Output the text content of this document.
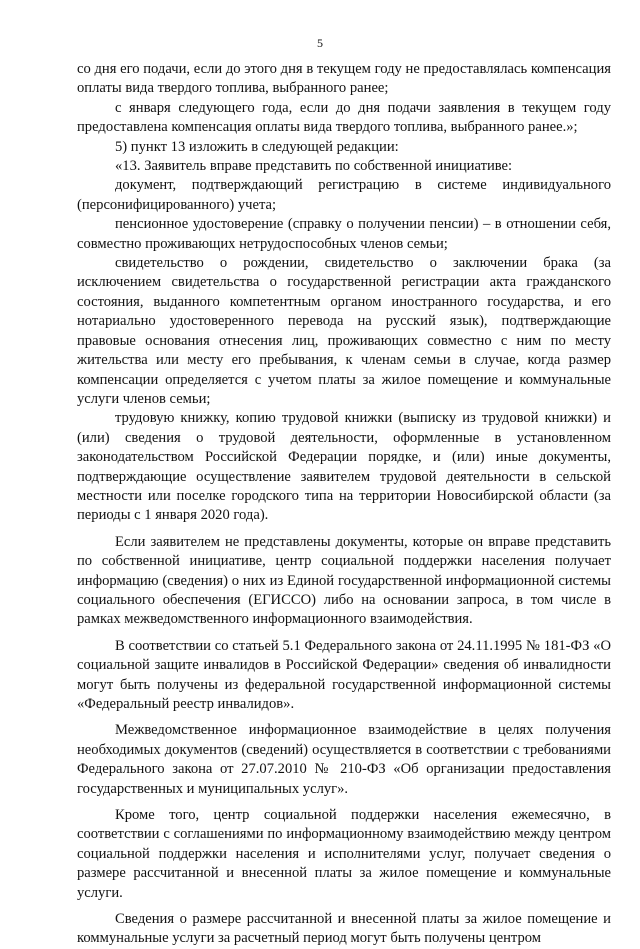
5

со дня его подачи, если до этого дня в текущем году не предоставлялась компенсация оплаты вида твердого топлива, выбранного ранее;

с января следующего года, если до дня подачи заявления в текущем году предоставлена компенсация оплаты вида твердого топлива, выбранного ранее.»;

5) пункт 13 изложить в следующей редакции:

«13. Заявитель вправе представить по собственной инициативе:

документ, подтверждающий регистрацию в системе индивидуального (персонифицированного) учета;

пенсионное удостоверение (справку о получении пенсии) – в отношении себя, совместно проживающих нетрудоспособных членов семьи;

свидетельство о рождении, свидетельство о заключении брака (за исключением свидетельства о государственной регистрации акта гражданского состояния, выданного компетентным органом иностранного государства, и его нотариально удостоверенного перевода на русский язык), подтверждающие правовые основания отнесения лиц, проживающих совместно с ним по месту жительства или месту его пребывания, к членам семьи в случае, когда размер компенсации определяется с учетом платы за жилое помещение и коммунальные услуги членов семьи;

трудовую книжку, копию трудовой книжки (выписку из трудовой книжки) и (или) сведения о трудовой деятельности, оформленные в установленном законодательством Российской Федерации порядке, и (или) иные документы, подтверждающие осуществление заявителем трудовой деятельности в сельской местности или поселке городского типа на территории Новосибирской области (за периоды с 1 января 2020 года).

Если заявителем не представлены документы, которые он вправе представить по собственной инициативе, центр социальной поддержки населения получает информацию (сведения) о них из Единой государственной информационной системы социального обеспечения (ЕГИССО) либо на основании запроса, в том числе в рамках межведомственного информационного взаимодействия.

В соответствии со статьей 5.1 Федерального закона от 24.11.1995 № 181-ФЗ «О социальной защите инвалидов в Российской Федерации» сведения об инвалидности могут быть получены из федеральной государственной информационной системы «Федеральный реестр инвалидов».

Межведомственное информационное взаимодействие в целях получения необходимых документов (сведений) осуществляется в соответствии с требованиями Федерального закона от 27.07.2010 № 210-ФЗ «Об организации предоставления государственных и муниципальных услуг».

Кроме того, центр социальной поддержки населения ежемесячно, в соответствии с соглашениями по информационному взаимодействию между центром социальной поддержки населения и исполнителями услуг, получает сведения о размере рассчитанной и внесенной платы за жилое помещение и коммунальные услуги.

Сведения о размере рассчитанной и внесенной платы за жилое помещение и коммунальные услуги за расчетный период могут быть получены центром
